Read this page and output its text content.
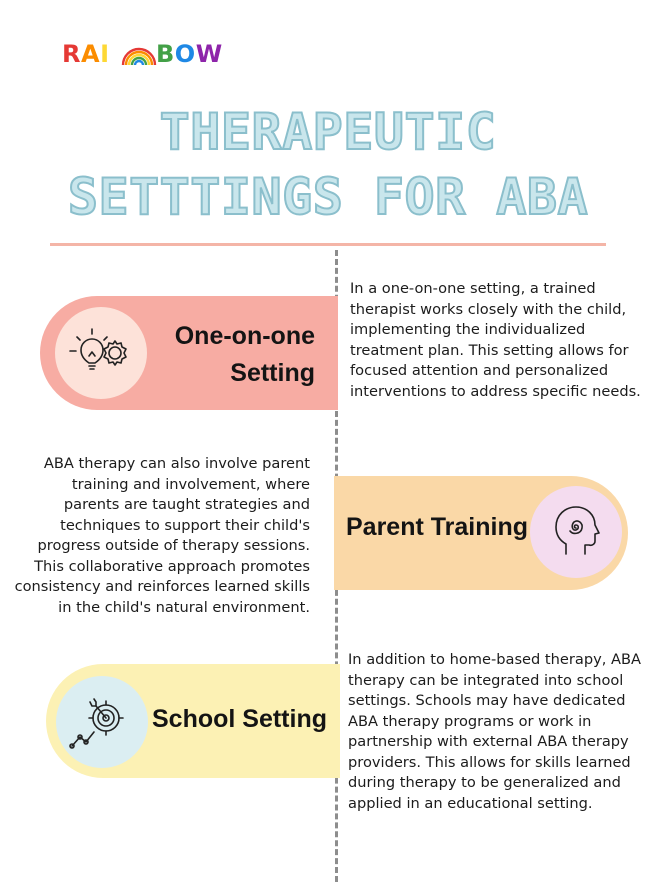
RAI BOW
THERAPEUTIC
SETTTINGS FOR ABA
One-on-one
Setting

In a one-on-one setting, a trained therapist works closely with the child, implementing the individualized treatment plan. This setting allows for focused attention and personalized interventions to address specific needs.

Parent Training

ABA therapy can also involve parent training and involvement, where parents are taught strategies and techniques to support their child's progress outside of therapy sessions. This collaborative approach promotes consistency and reinforces learned skills in the child's natural environment.

School Setting

In addition to home-based therapy, ABA therapy can be integrated into school settings. Schools may have dedicated ABA therapy programs or work in partnership with external ABA therapy providers. This allows for skills learned during therapy to be generalized and applied in an educational setting.
